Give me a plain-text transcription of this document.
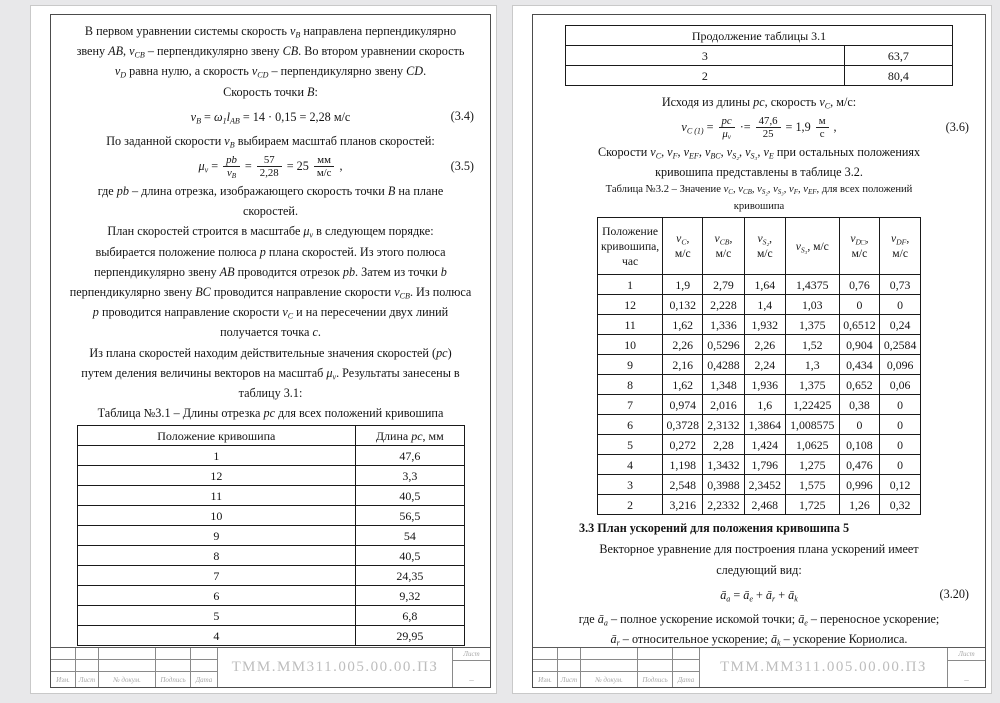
В первом уравнении системы скорость $v_B$ направлена перпендикулярно
звену AB, $v_{CB}$ – перпендикулярно звену CB. Во втором уравнении скорость
$v_D$ равна нулю, а скорость $v_{CD}$ – перпендикулярно звену CD.
Скорость точки B:
$v_B = \omega_1l_{AB} = 14 \cdot 0,15 = 2,28$ м/с	(3.4)
По заданной скорости $v_B$ выбираем масштаб планов скоростей:
$\mu_v = \frac{pb}{v_B} = \frac{57}{2,28} = 25 \frac{мм}{м/с}$ ,	(3.5)
где pb – длина отрезка, изображающего скорость точки B на плане
скоростей.
План скоростей строится в масштабе $\mu_v$ в следующем порядке:
выбирается положение полюса p плана скоростей. Из этого полюса
перпендикулярно звену AB проводится отрезок pb. Затем из точки b
перпендикулярно звену BC проводится направление скорости $v_{CB}$. Из полюса
p проводится направление скорости $v_C$ и на пересечении двух линий
получается точка c.
Из плана скоростей находим действительные значения скоростей (pc)
путем деления величины векторов на масштаб $\mu_v$. Результаты занесены в
таблицу 3.1:
Таблица №3.1 – Длины отрезка pc для всех положений кривошипа
Положение кривошипа	Длина pc, мм
1	47,6
12	3,3
11	40,5
10	56,5
9	54
8	40,5
7	24,35
6	9,32
5	6,8
4	29,95
Изм.	Лист	№ докум.	Подпись	Дата
ТММ.ММ311.005.00.00.ПЗ
Лист
–
Продолжение таблицы 3.1	
3	63,7
2	80,4
Исходя из длины pc, скорость $v_C$, м/с:
$v_{C (1)} = \frac{pc}{\mu_v} \cdot= \frac{47,6}{25} = 1,9 \frac{м}{с}$ ,	(3.6)
Скорости $v_C$, $v_F$, $v_{EF}$, $v_{BC}$, $v_{S_2}$, $v_{S_3}$, $v_E$ при остальных положениях
кривошипа представлены в таблице 3.2.
Таблица №3.2 – Значение $v_C$, $v_{CB}$, $v_{S_2}$, $v_{S_3}$, $v_F$, $v_{EF}$, для всех положений
кривошипа
Положение
кривошипа,
час

$v_C$,
м/с

$v_{CB}$,
м/с

$v_{S_2}$,
м/с

$v_{S_3}$, м/с

$v_{D□}$,
м/с

$v_{DF}$,
м/с

1	1,9	2,79	1,64	1,4375	0,76	0,73
12	0,132	2,228	1,4	1,03	0	0
11	1,62	1,336	1,932	1,375	0,6512	0,24
10	2,26	0,5296	2,26	1,52	0,904	0,2584
9	2,16	0,4288	2,24	1,3	0,434	0,096
8	1,62	1,348	1,936	1,375	0,652	0,06
7	0,974	2,016	1,6	1,22425	0,38	0
6	0,3728	2,3132	1,3864	1,008575	0	0
5	0,272	2,28	1,424	1,0625	0,108	0
4	1,198	1,3432	1,796	1,275	0,476	0
3	2,548	0,3988	2,3452	1,575	0,996	0,12
2	3,216	2,2332	2,468	1,725	1,26	0,32
3.3 План ускорений для положения кривошипа 5
Векторное уравнение для построения плана ускорений имеет
следующий вид:
$ā_a$ = $ā_e$ + $ā_r$ + $ā_k$	(3.20)
где $ā_a$ – полное ускорение искомой точки; $ā_e$ – переносное ускорение;
$ā_r$ – относительное ускорение; $ā_k$ – ускорение Кориолиса.
Изм.	Лист	№ докум.	Подпись	Дата
ТММ.ММ311.005.00.00.ПЗ
Лист
–
